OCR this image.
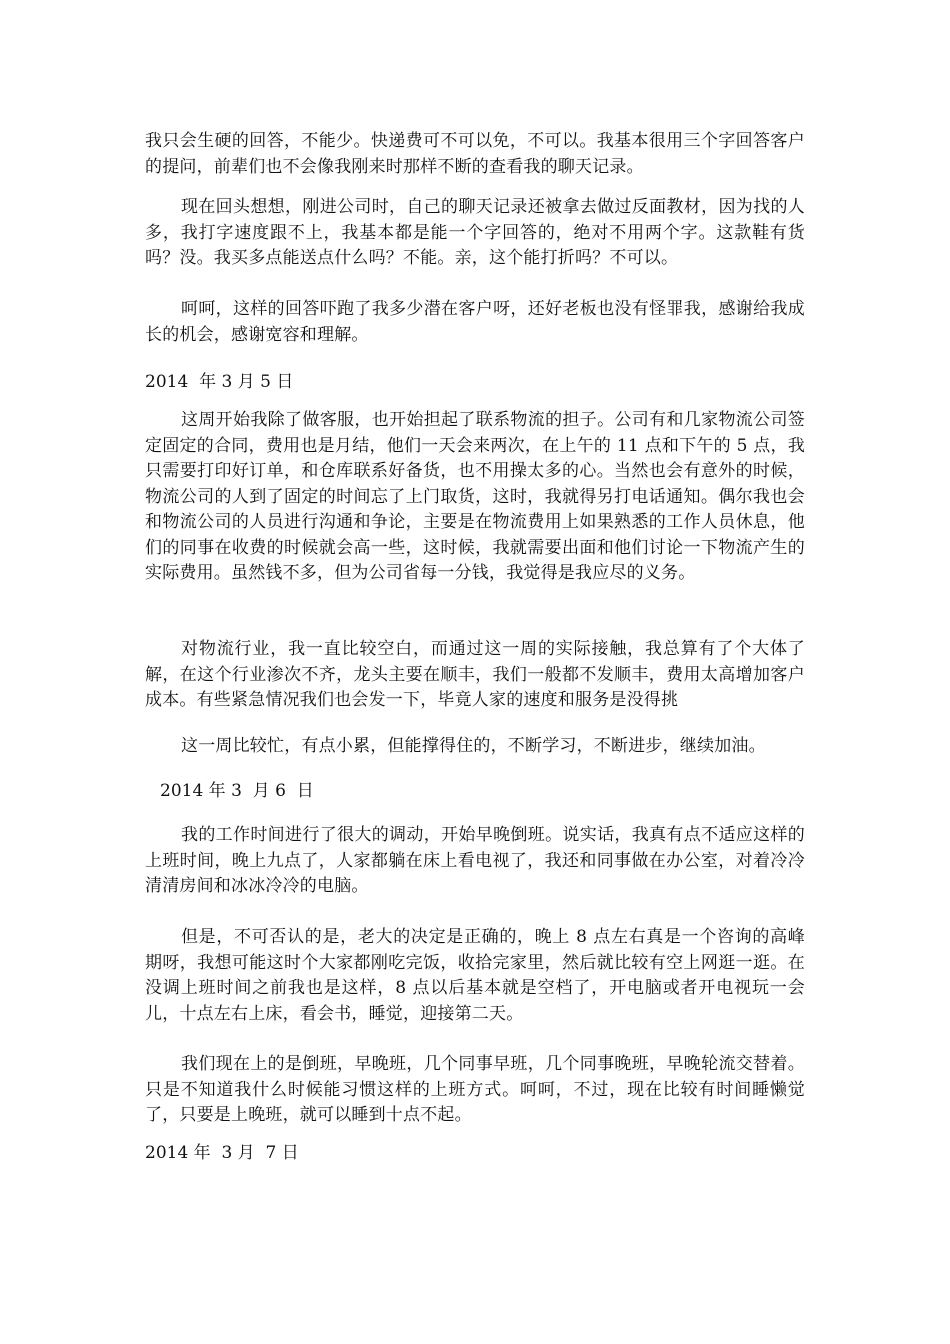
我只会生硬的回答，不能少。快递费可不可以免，不可以。我基本很用三个字回答客户的提问，前辈们也不会像我刚来时那样不断的查看我的聊天记录。

现在回头想想，刚进公司时，自己的聊天记录还被拿去做过反面教材，因为找的人多，我打字速度跟不上，我基本都是能一个字回答的，绝对不用两个字。这款鞋有货吗？没。我买多点能送点什么吗？不能。亲，这个能打折吗？不可以。

呵呵，这样的回答吓跑了我多少潜在客户呀，还好老板也没有怪罪我，感谢给我成长的机会，感谢宽容和理解。

2014  年 3 月 5 日

这周开始我除了做客服，也开始担起了联系物流的担子。公司有和几家物流公司签定固定的合同，费用也是月结，他们一天会来两次，在上午的 11 点和下午的 5 点，我只需要打印好订单，和仓库联系好备货，也不用操太多的心。当然也会有意外的时候，物流公司的人到了固定的时间忘了上门取货，这时，我就得另打电话通知。偶尔我也会和物流公司的人员进行沟通和争论，主要是在物流费用上如果熟悉的工作人员休息，他们的同事在收费的时候就会高一些，这时候，我就需要出面和他们讨论一下物流产生的实际费用。虽然钱不多，但为公司省每一分钱，我觉得是我应尽的义务。

对物流行业，我一直比较空白，而通过这一周的实际接触，我总算有了个大体了解，在这个行业渗次不齐，龙头主要在顺丰，我们一般都不发顺丰，费用太高增加客户成本。有些紧急情况我们也会发一下，毕竟人家的速度和服务是没得挑

这一周比较忙，有点小累，但能撑得住的，不断学习，不断进步，继续加油。

2014 年 3  月 6  日

我的工作时间进行了很大的调动，开始早晚倒班。说实话，我真有点不适应这样的上班时间，晚上九点了，人家都躺在床上看电视了，我还和同事做在办公室，对着冷冷清清房间和冰冰冷冷的电脑。

但是，不可否认的是，老大的决定是正确的，晚上 8 点左右真是一个咨询的高峰期呀，我想可能这时个大家都刚吃完饭，收拾完家里，然后就比较有空上网逛一逛。在没调上班时间之前我也是这样，8 点以后基本就是空档了，开电脑或者开电视玩一会儿，十点左右上床，看会书，睡觉，迎接第二天。

我们现在上的是倒班，早晚班，几个同事早班，几个同事晚班，早晚轮流交替着。只是不知道我什么时候能习惯这样的上班方式。呵呵，不过，现在比较有时间睡懒觉了，只要是上晚班，就可以睡到十点不起。

2014 年  3 月  7 日
